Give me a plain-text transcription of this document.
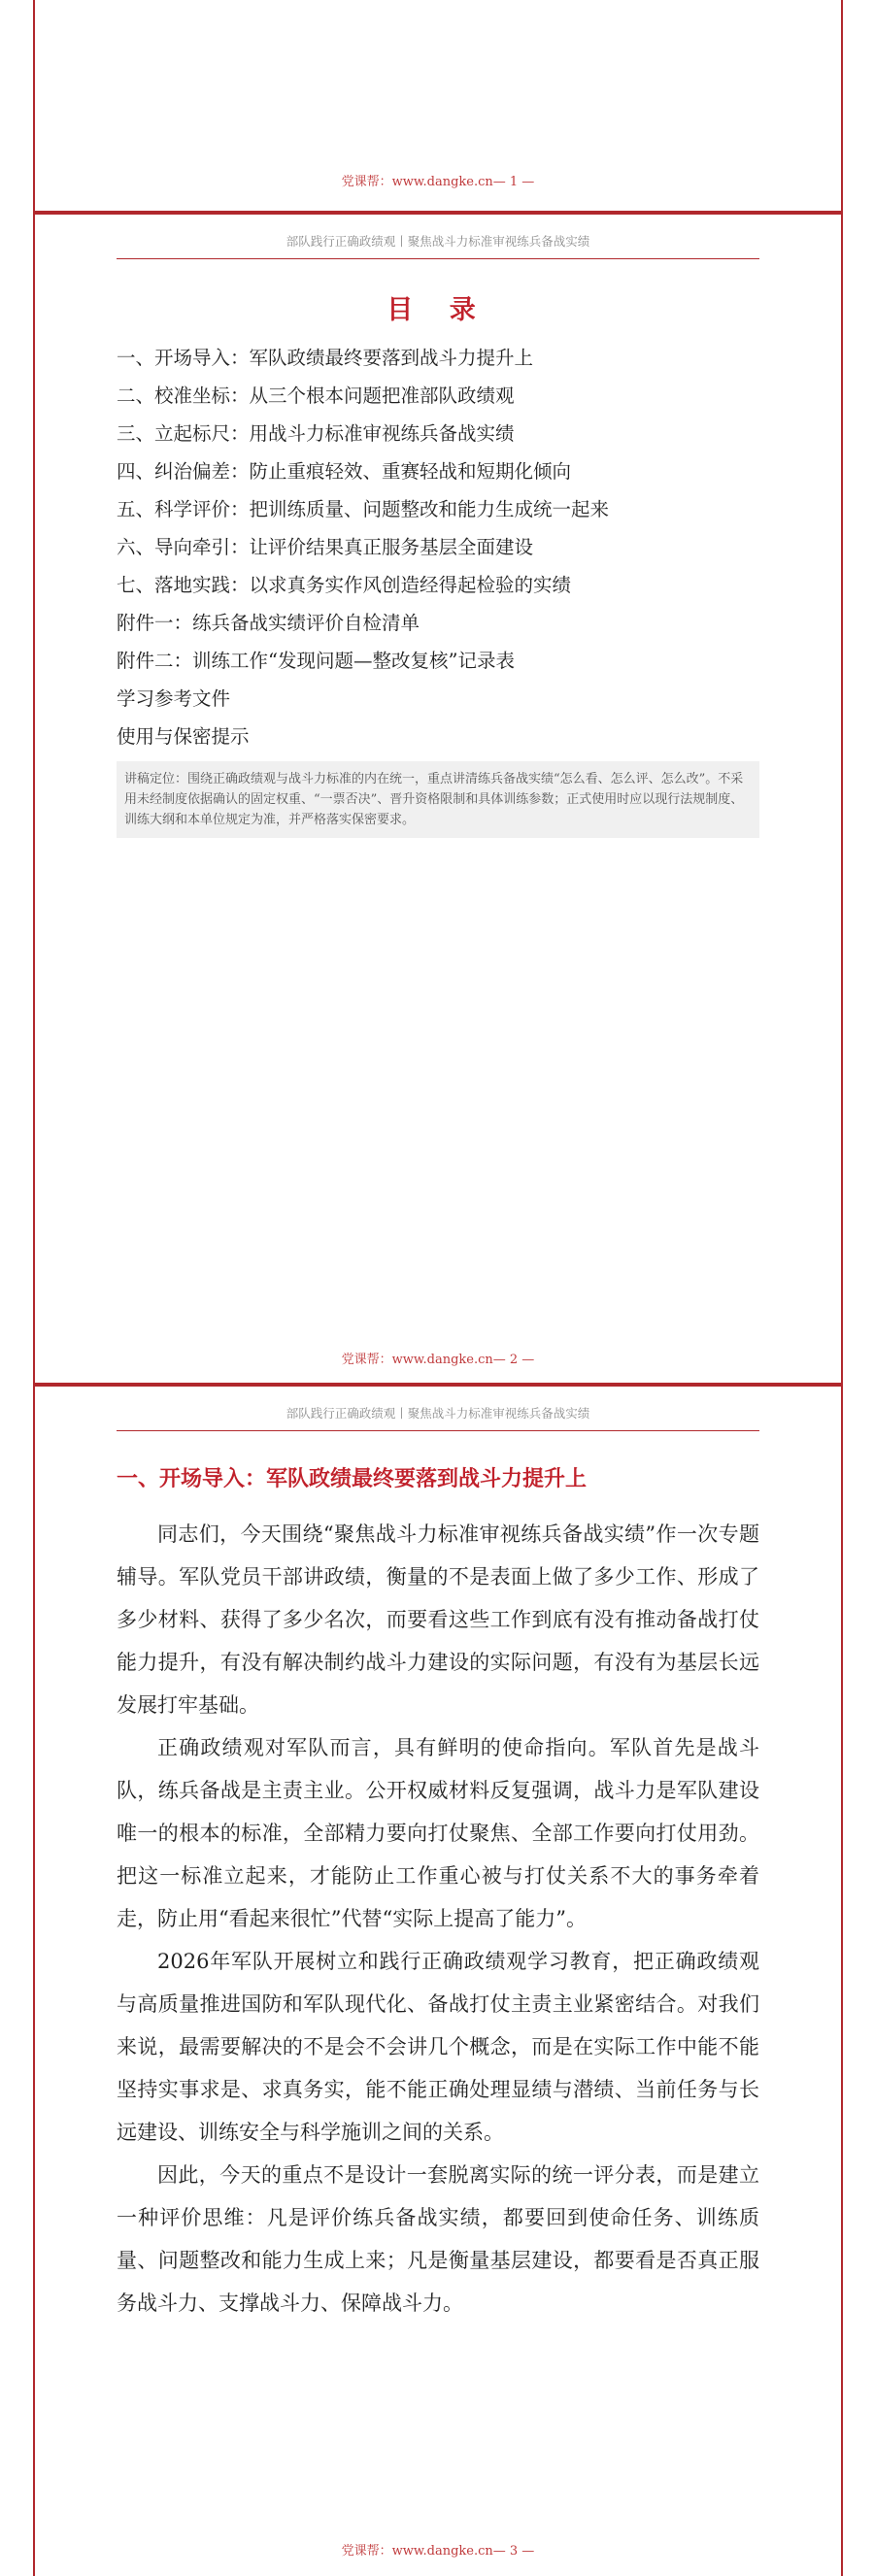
党课帮：www.dangke.cn— 1 —
部队践行正确政绩观丨聚焦战斗力标准审视练兵备战实绩
目 录
一、开场导入：军队政绩最终要落到战斗力提升上
二、校准坐标：从三个根本问题把准部队政绩观
三、立起标尺：用战斗力标准审视练兵备战实绩
四、纠治偏差：防止重痕轻效、重赛轻战和短期化倾向
五、科学评价：把训练质量、问题整改和能力生成统一起来
六、导向牵引：让评价结果真正服务基层全面建设
七、落地实践：以求真务实作风创造经得起检验的实绩
附件一：练兵备战实绩评价自检清单
附件二：训练工作“发现问题—整改复核”记录表
学习参考文件
使用与保密提示
讲稿定位：围绕正确政绩观与战斗力标准的内在统一，重点讲清练兵备战实绩“怎么看、怎么评、怎么改”。不采用未经制度依据确认的固定权重、“一票否决”、晋升资格限制和具体训练参数；正式使用时应以现行法规制度、训练大纲和本单位规定为准，并严格落实保密要求。
党课帮：www.dangke.cn— 2 —
部队践行正确政绩观丨聚焦战斗力标准审视练兵备战实绩
一、开场导入：军队政绩最终要落到战斗力提升上

同志们，今天围绕“聚焦战斗力标准审视练兵备战实绩”作一次专题辅导。军队党员干部讲政绩，衡量的不是表面上做了多少工作、形成了多少材料、获得了多少名次，而要看这些工作到底有没有推动备战打仗能力提升，有没有解决制约战斗力建设的实际问题，有没有为基层长远发展打牢基础。

正确政绩观对军队而言，具有鲜明的使命指向。军队首先是战斗队，练兵备战是主责主业。公开权威材料反复强调，战斗力是军队建设唯一的根本的标准，全部精力要向打仗聚焦、全部工作要向打仗用劲。把这一标准立起来，才能防止工作重心被与打仗关系不大的事务牵着走，防止用“看起来很忙”代替“实际上提高了能力”。

2026年军队开展树立和践行正确政绩观学习教育，把正确政绩观与高质量推进国防和军队现代化、备战打仗主责主业紧密结合。对我们来说，最需要解决的不是会不会讲几个概念，而是在实际工作中能不能坚持实事求是、求真务实，能不能正确处理显绩与潜绩、当前任务与长远建设、训练安全与科学施训之间的关系。

因此，今天的重点不是设计一套脱离实际的统一评分表，而是建立一种评价思维：凡是评价练兵备战实绩，都要回到使命任务、训练质量、问题整改和能力生成上来；凡是衡量基层建设，都要看是否真正服务战斗力、支撑战斗力、保障战斗力。

党课帮：www.dangke.cn— 3 —
